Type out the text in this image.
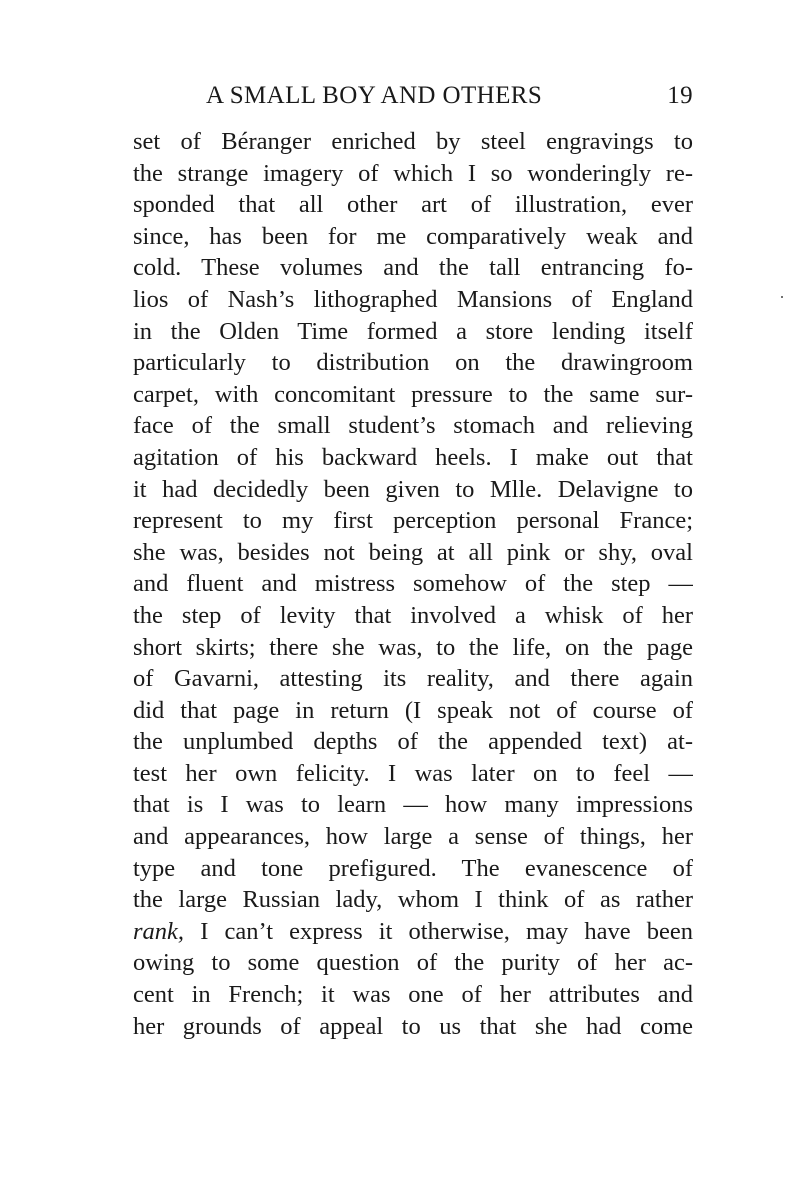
A SMALL BOY AND OTHERS	19
set of Béranger enriched by steel engravings to
the strange imagery of which I so wonderingly re-
sponded that all other art of illustration, ever
since, has been for me comparatively weak and
cold. These volumes and the tall entrancing fo-
lios of Nash’s lithographed Mansions of England
in the Olden Time formed a store lending itself
particularly to distribution on the drawingroom
carpet, with concomitant pressure to the same sur-
face of the small student’s stomach and relieving
agitation of his backward heels. I make out that
it had decidedly been given to Mlle. Delavigne to
represent to my first perception personal France;
she was, besides not being at all pink or shy, oval
and fluent and mistress somehow of the step —
the step of levity that involved a whisk of her
short skirts; there she was, to the life, on the page
of Gavarni, attesting its reality, and there again
did that page in return (I speak not of course of
the unplumbed depths of the appended text) at-
test her own felicity. I was later on to feel —
that is I was to learn — how many impressions
and appearances, how large a sense of things, her
type and tone prefigured. The evanescence of
the large Russian lady, whom I think of as rather
rank, I can’t express it otherwise, may have been
owing to some question of the purity of her ac-
cent in French; it was one of her attributes and
her grounds of appeal to us that she had come
